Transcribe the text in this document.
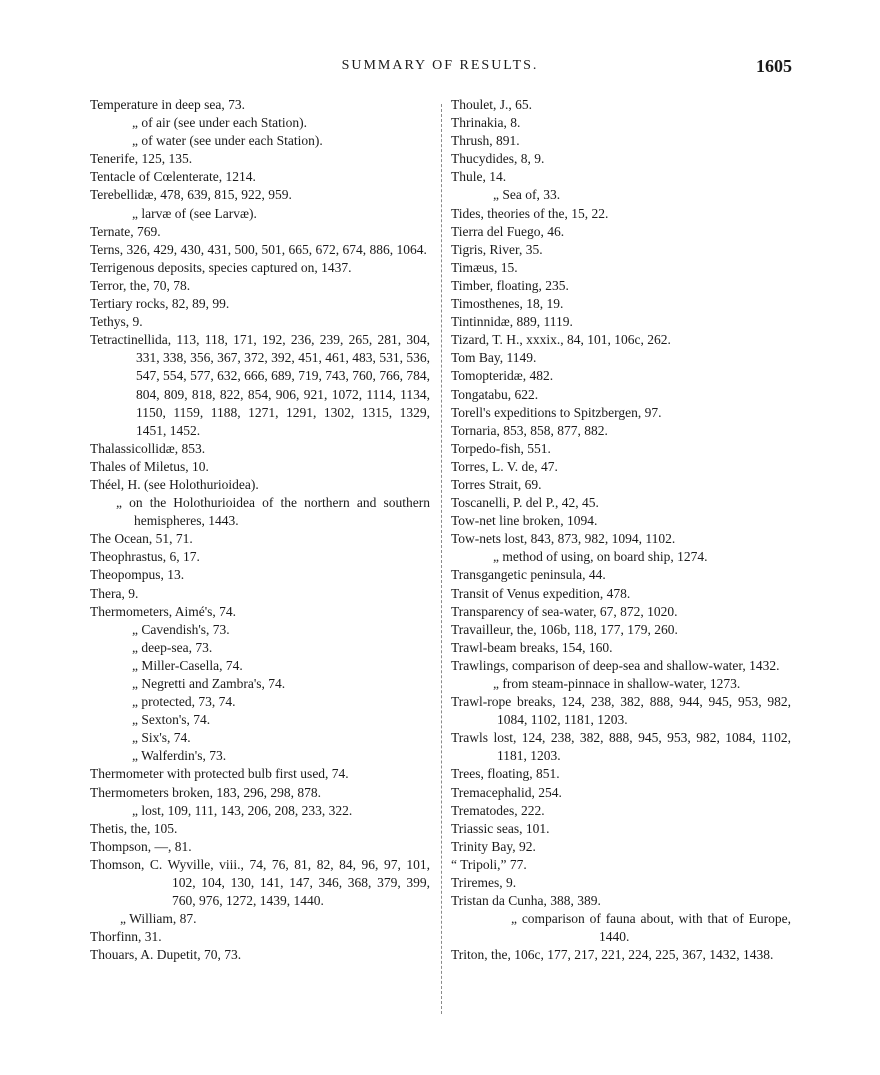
SUMMARY OF RESULTS.	1605

Temperature in deep sea, 73.

„ of air (see under each Station).

„ of water (see under each Station).

Tenerife, 125, 135.

Tentacle of Cœlenterate, 1214.

Terebellidæ, 478, 639, 815, 922, 959.

„ larvæ of (see Larvæ).

Ternate, 769.

Terns, 326, 429, 430, 431, 500, 501, 665, 672, 674, 886, 1064.

Terrigenous deposits, species captured on, 1437.

Terror, the, 70, 78.

Tertiary rocks, 82, 89, 99.

Tethys, 9.

Tetractinellida, 113, 118, 171, 192, 236, 239, 265, 281, 304, 331, 338, 356, 367, 372, 392, 451, 461, 483, 531, 536, 547, 554, 577, 632, 666, 689, 719, 743, 760, 766, 784, 804, 809, 818, 822, 854, 906, 921, 1072, 1114, 1134, 1150, 1159, 1188, 1271, 1291, 1302, 1315, 1329, 1451, 1452.

Thalassicollidæ, 853.

Thales of Miletus, 10.

Théel, H. (see Holothurioidea).

„ on the Holothurioidea of the northern and southern hemispheres, 1443.

The Ocean, 51, 71.

Theophrastus, 6, 17.

Theopompus, 13.

Thera, 9.

Thermometers, Aimé's, 74.

„ Cavendish's, 73.

„ deep-sea, 73.

„ Miller-Casella, 74.

„ Negretti and Zambra's, 74.

„ protected, 73, 74.

„ Sexton's, 74.

„ Six's, 74.

„ Walferdin's, 73.

Thermometer with protected bulb first used, 74.

Thermometers broken, 183, 296, 298, 878.

„ lost, 109, 111, 143, 206, 208, 233, 322.

Thetis, the, 105.

Thompson, —, 81.

Thomson, C. Wyville, viii., 74, 76, 81, 82, 84, 96, 97, 101, 102, 104, 130, 141, 147, 346, 368, 379, 399, 760, 976, 1272, 1439, 1440.

„ William, 87.

Thorfinn, 31.

Thouars, A. Dupetit, 70, 73.

Thoulet, J., 65.

Thrinakia, 8.

Thrush, 891.

Thucydides, 8, 9.

Thule, 14.

„ Sea of, 33.

Tides, theories of the, 15, 22.

Tierra del Fuego, 46.

Tigris, River, 35.

Timæus, 15.

Timber, floating, 235.

Timosthenes, 18, 19.

Tintinnidæ, 889, 1119.

Tizard, T. H., xxxix., 84, 101, 106c, 262.

Tom Bay, 1149.

Tomopteridæ, 482.

Tongatabu, 622.

Torell's expeditions to Spitzbergen, 97.

Tornaria, 853, 858, 877, 882.

Torpedo-fish, 551.

Torres, L. V. de, 47.

Torres Strait, 69.

Toscanelli, P. del P., 42, 45.

Tow-net line broken, 1094.

Tow-nets lost, 843, 873, 982, 1094, 1102.

„ method of using, on board ship, 1274.

Transgangetic peninsula, 44.

Transit of Venus expedition, 478.

Transparency of sea-water, 67, 872, 1020.

Travailleur, the, 106b, 118, 177, 179, 260.

Trawl-beam breaks, 154, 160.

Trawlings, comparison of deep-sea and shallow-water, 1432.

„ from steam-pinnace in shallow-water, 1273.

Trawl-rope breaks, 124, 238, 382, 888, 944, 945, 953, 982, 1084, 1102, 1181, 1203.

Trawls lost, 124, 238, 382, 888, 945, 953, 982, 1084, 1102, 1181, 1203.

Trees, floating, 851.

Tremacephalid, 254.

Trematodes, 222.

Triassic seas, 101.

Trinity Bay, 92.

“ Tripoli,” 77.

Triremes, 9.

Tristan da Cunha, 388, 389.

„ comparison of fauna about, with that of Europe, 1440.

Triton, the, 106c, 177, 217, 221, 224, 225, 367, 1432, 1438.
